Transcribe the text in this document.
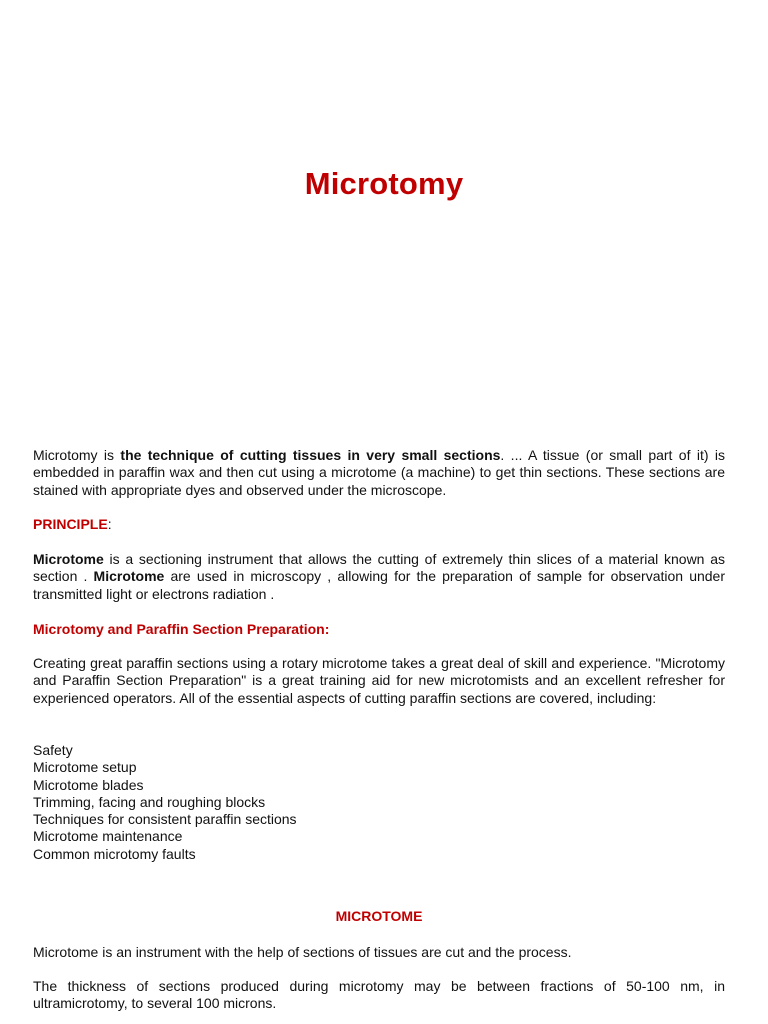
Microtomy

Microtomy is the technique of cutting tissues in very small sections. ... A tissue (or small part of it) is embedded in paraffin wax and then cut using a microtome (a machine) to get thin sections. These sections are stained with appropriate dyes and observed under the microscope.

PRINCIPLE:

Microtome is a sectioning instrument that allows the cutting of extremely thin slices of a material known as section . Microtome are used in microscopy , allowing for the preparation of sample for observation under transmitted light or electrons radiation .

Microtomy and Paraffin Section Preparation:

Creating great paraffin sections using a rotary microtome takes a great deal of skill and experience. "Microtomy and Paraffin Section Preparation" is a great training aid for new microtomists and an excellent refresher for experienced operators. All of the essential aspects of cutting paraffin sections are covered, including:

Safety
Microtome setup
Microtome blades
Trimming, facing and roughing blocks
Techniques for consistent paraffin sections
Microtome maintenance
Common microtomy faults

MICROTOME

Microtome is an instrument with the help of sections of tissues are cut and the process.

The thickness of sections produced during microtomy may be between fractions of 50-100 nm, in ultramicrotomy, to several 100 microns.
